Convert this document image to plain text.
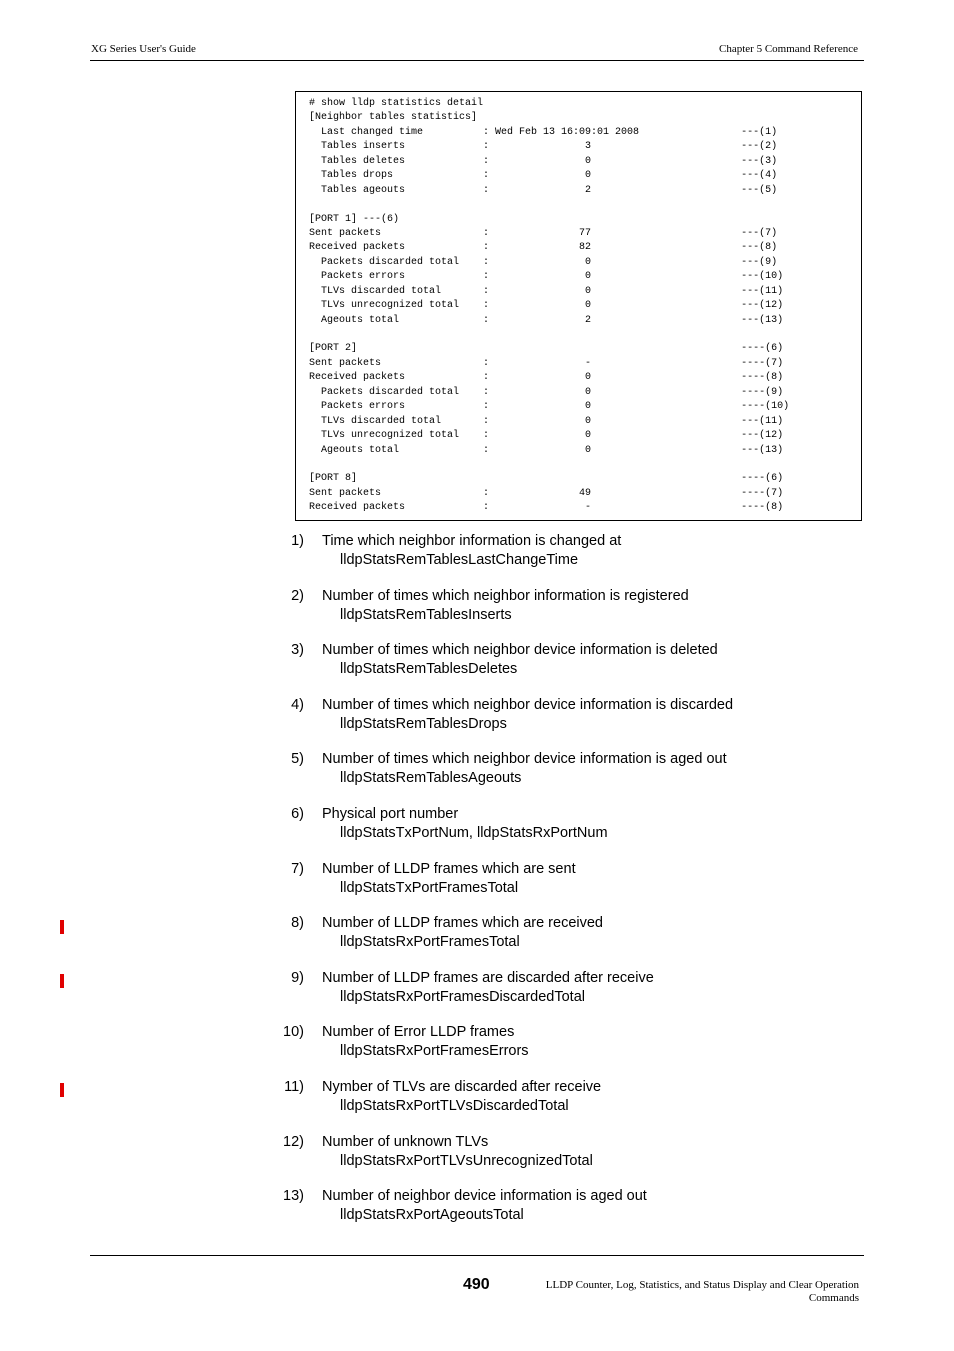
XG Series User's Guide	Chapter 5 Command Reference
# show lldp statistics detail
[Neighbor tables statistics]
Last changed time          : Wed Feb 13 16:09:01 2008                 ---(1)
Tables inserts             :                3                         ---(2)
Tables deletes             :                0                         ---(3)
Tables drops               :                0                         ---(4)
Tables ageouts             :                2                         ---(5)
[PORT 1] ---(6)
Sent packets                 :               77                         ---(7)
Received packets             :               82                         ---(8)
Packets discarded total    :                0                         ---(9)
Packets errors             :                0                         ---(10)
TLVs discarded total       :                0                         ---(11)
TLVs unrecognized total    :                0                         ---(12)
Ageouts total              :                2                         ---(13)
[PORT 2]                                                                ----(6)
Sent packets                 :                -                         ----(7)
Received packets             :                0                         ----(8)
Packets discarded total    :                0                         ----(9)
Packets errors             :                0                         ----(10)
TLVs discarded total       :                0                         ---(11)
TLVs unrecognized total    :                0                         ---(12)
Ageouts total              :                0                         ---(13)
[PORT 8]                                                                ----(6)
Sent packets                 :               49                         ----(7)
Received packets             :                -                         ----(8)
1) Time which neighbor information is changed at
lldpStatsRemTablesLastChangeTime
2) Number of times which neighbor information is registered
lldpStatsRemTablesInserts
3) Number of times which neighbor device information is deleted
lldpStatsRemTablesDeletes
4) Number of times which neighbor device information is discarded
lldpStatsRemTablesDrops
5) Number of times which neighbor device information is aged out
lldpStatsRemTablesAgeouts
6) Physical port number
lldpStatsTxPortNum, lldpStatsRxPortNum
7) Number of LLDP frames which are sent
lldpStatsTxPortFramesTotal
8) Number of LLDP frames which are received
lldpStatsRxPortFramesTotal
9) Number of LLDP frames are discarded after receive
lldpStatsRxPortFramesDiscardedTotal
10) Number of Error LLDP frames
lldpStatsRxPortFramesErrors
11) Nymber of TLVs are discarded after receive
lldpStatsRxPortTLVsDiscardedTotal
12) Number of unknown TLVs
lldpStatsRxPortTLVsUnrecognizedTotal
13) Number of neighbor device information is aged out
lldpStatsRxPortAgeoutsTotal
490	LLDP Counter, Log, Statistics, and Status Display and Clear Operation Commands
